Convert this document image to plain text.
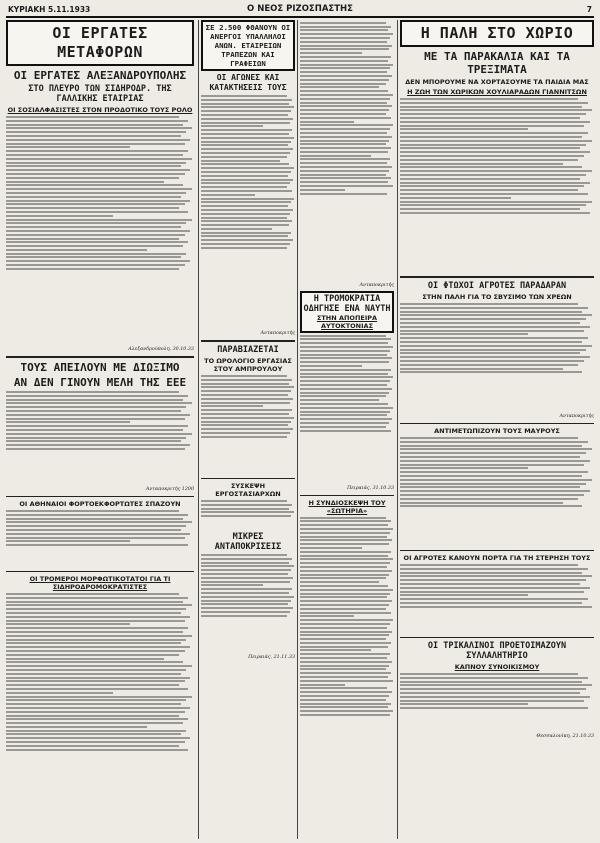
ΚΥΡΙΑΚΗ 5.11.1933	Ο ΝΕΟΣ ΡΙΖΟΣΠΑΣΤΗΣ	7
ΟΙ ΕΡΓΑΤΕΣ ΜΕΤΑΦΟΡΩΝ
ΟΙ ΕΡΓΑΤΕΣ ΑΛΕΞΑΝΔΡΟΥΠΟΛΗΣ
ΣΤΟ ΠΛΕΥΡΟ ΤΩΝ ΣΙΔΗΡΟΔΡ. ΤΗΣ ΓΑΛΛΙΚΗΣ ΕΤΑΙΡΙΑΣ
ΟΙ ΣΟΣΙΑΛΦΑΣΙΣΤΕΣ ΣΤΟΝ ΠΡΟΔΟΤΙΚΟ ΤΟΥΣ ΡΟΛΟ
Αλεξανδρούπολη, 30.10.33
ΤΟΥΣ ΑΠΕΙΛΟΥΝ ΜΕ ΔΙΩΞΙΜΟ
ΑΝ ΔΕΝ ΓΙΝΟΥΝ ΜΕΛΗ ΤΗΣ ΕΕΕ
Ανταποκριτής 1200
ΟΙ ΑΘΗΝΑΙΟΙ ΦΟΡΤΟΕΚΦΟΡΤΩΤΕΣ ΣΠΑΖΟΥΝ
ΟΙ ΤΡΟΜΕΡΟΙ ΜΟΡΦΩΤΙΚΟΤΑΤΟΙ ΓΙΑ ΤΙ ΣΙΔΗΡΟΔΡΟΜΟΚΡΑΤΙΣΤΕΣ
ΣΕ 2.500 ΦΘΑΝΟΥΝ ΟΙ ΑΝΕΡΓΟΙ ΥΠΑΛΛΗΛΟΙ
ΑΝΩΝ. ΕΤΑΙΡΕΙΩΝ ΤΡΑΠΕΖΩΝ ΚΑΙ ΓΡΑΦΕΙΩΝ
ΟΙ ΑΓΩΝΕΣ ΚΑΙ ΚΑΤΑΚΤΗΣΕΙΣ ΤΟΥΣ
Ανταποκριτής
ΠΑΡΑΒΙΑΖΕΤΑΙ
ΤΟ ΩΡΟΛΟΓΙΟ ΕΡΓΑΣΙΑΣ ΣΤΟΥ ΑΜΠΡΟΥΛΟΥ
ΣΥΣΚΕΨΗ ΕΡΓΟΣΤΑΣΙΑΡΧΩΝ
ΜΙΚΡΕΣ ΑΝΤΑΠΟΚΡΙΣΕΙΣ
Πειραιάς, 21.11.33
Ανταποκριτής
Η ΤΡΟΜΟΚΡΑΤΙΑ
ΟΔΗΓΗΣΕ ΕΝΑ ΝΑΥΤΗ
ΣΤΗΝ ΑΠΟΠΕΙΡΑ ΑΥΤΟΚΤΟΝΙΑΣ
Πειραιάς, 31.10.33
Η ΣΥΝΔΙΟΣΚΕΨΗ ΤΟΥ «ΣΩΤΗΡΙΑ»
Η ΠΑΛΗ ΣΤΟ ΧΩΡΙΟ
ΜΕ ΤΑ ΠΑΡΑΚΑΛΙΑ ΚΑΙ ΤΑ ΤΡΕΞΙΜΑΤΑ
ΔΕΝ ΜΠΟΡΟΥΜΕ ΝΑ ΧΟΡΤΑΣΟΥΜΕ ΤΑ ΠΑΙΔΙΑ ΜΑΣ
Η ΖΩΗ ΤΩΝ ΧΩΡΙΚΩΝ ΧΟΥΛΙΑΡΑΔΩΝ ΓΙΑΝΝΙΤΣΩΝ
ΟΙ ΦΤΩΧΟΙ ΑΓΡΟΤΕΣ ΠΑΡΑΔΑΡΑΝ
ΣΤΗΝ ΠΑΛΗ ΓΙΑ ΤΟ ΣΒΥΣΙΜΟ ΤΩΝ ΧΡΕΩΝ
Ανταποκριτής
ΑΝΤΙΜΕΤΩΠΙΖΟΥΝ ΤΟΥΣ ΜΑΥΡΟΥΣ
ΟΙ ΑΓΡΟΤΕΣ ΚΑΝΟΥΝ ΠΟΡΤΑ ΓΙΑ ΤΗ ΣΤΕΡΗΣΗ ΤΟΥΣ
ΟΙ ΤΡΙΚΑΛΙΝΟΙ ΠΡΟΕΤΟΙΜΑΖΟΥΝ ΣΥΛΛΑΛΗΤΗΡΙΟ
ΚΑΠΝΟΥ ΣΥΝΟΙΚΙΣΜΟΥ
Θεσσαλονίκη, 21.10.33
